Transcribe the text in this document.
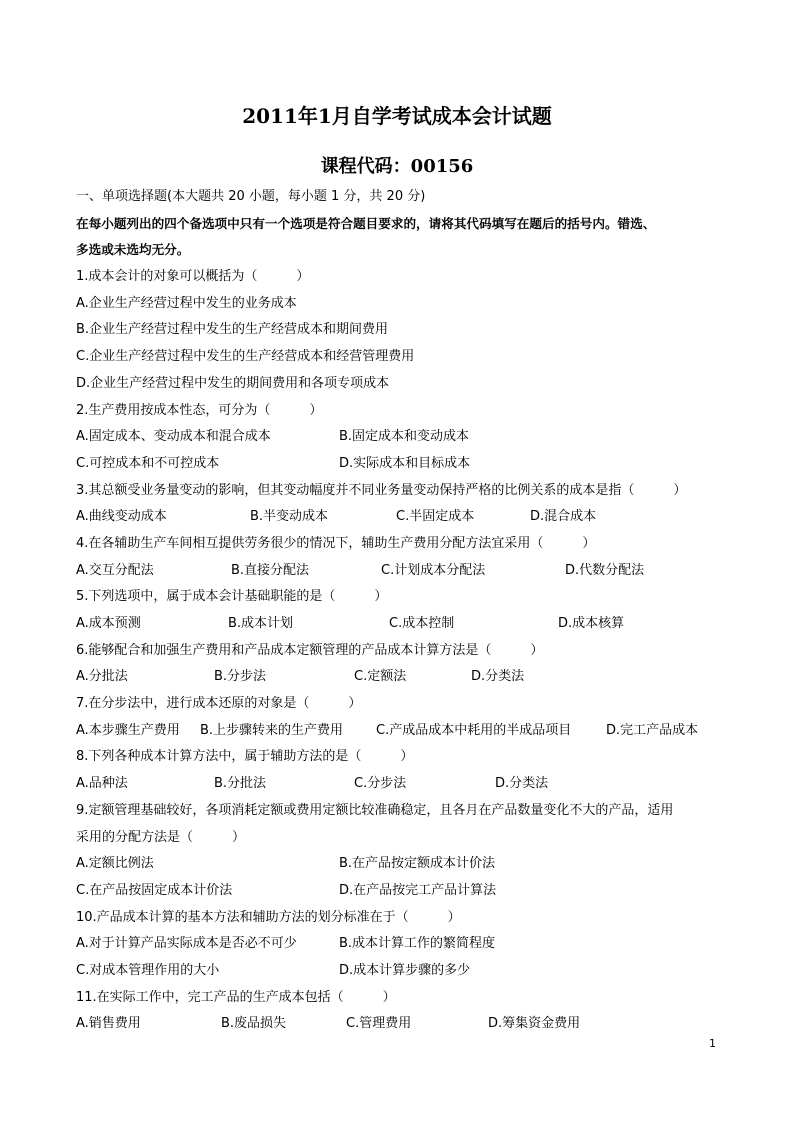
2011年1月自学考试成本会计试题
课程代码：00156
一、单项选择题(本大题共 20 小题，每小题 1 分，共 20 分)
在每小题列出的四个备选项中只有一个选项是符合题目要求的，请将其代码填写在题后的括号内。错选、
多选或未选均无分。
1.成本会计的对象可以概括为（　　　）
A.企业生产经营过程中发生的业务成本
B.企业生产经营过程中发生的生产经营成本和期间费用
C.企业生产经营过程中发生的生产经营成本和经营管理费用
D.企业生产经营过程中发生的期间费用和各项专项成本
2.生产费用按成本性态，可分为（　　　）
A.固定成本、变动成本和混合成本	B.固定成本和变动成本
C.可控成本和不可控成本	D.实际成本和目标成本
3.其总额受业务量变动的影响，但其变动幅度并不同业务量变动保持严格的比例关系的成本是指（　　　）
A.曲线变动成本	B.半变动成本	C.半固定成本	D.混合成本
4.在各辅助生产车间相互提供劳务很少的情况下，辅助生产费用分配方法宜采用（　　　）
A.交互分配法	B.直接分配法	C.计划成本分配法	D.代数分配法
5.下列选项中，属于成本会计基础职能的是（　　　）
A.成本预测	B.成本计划	C.成本控制	D.成本核算
6.能够配合和加强生产费用和产品成本定额管理的产品成本计算方法是（　　　）
A.分批法	B.分步法	C.定额法	D.分类法
7.在分步法中，进行成本还原的对象是（　　　）
A.本步骤生产费用 B.上步骤转来的生产费用	C.产成品成本中耗用的半成品项目	D.完工产品成本
8.下列各种成本计算方法中，属于辅助方法的是（　　　）
A.品种法	B.分批法	C.分步法	D.分类法
9.定额管理基础较好，各项消耗定额或费用定额比较准确稳定，且各月在产品数量变化不大的产品，适用
采用的分配方法是（　　　）
A.定额比例法	B.在产品按定额成本计价法
C.在产品按固定成本计价法	D.在产品按完工产品计算法
10.产品成本计算的基本方法和辅助方法的划分标准在于（　　　）
A.对于计算产品实际成本是否必不可少	B.成本计算工作的繁简程度
C.对成本管理作用的大小	D.成本计算步骤的多少
11.在实际工作中，完工产品的生产成本包括（　　　）
A.销售费用	B.废品损失	C.管理费用	D.筹集资金费用
1
